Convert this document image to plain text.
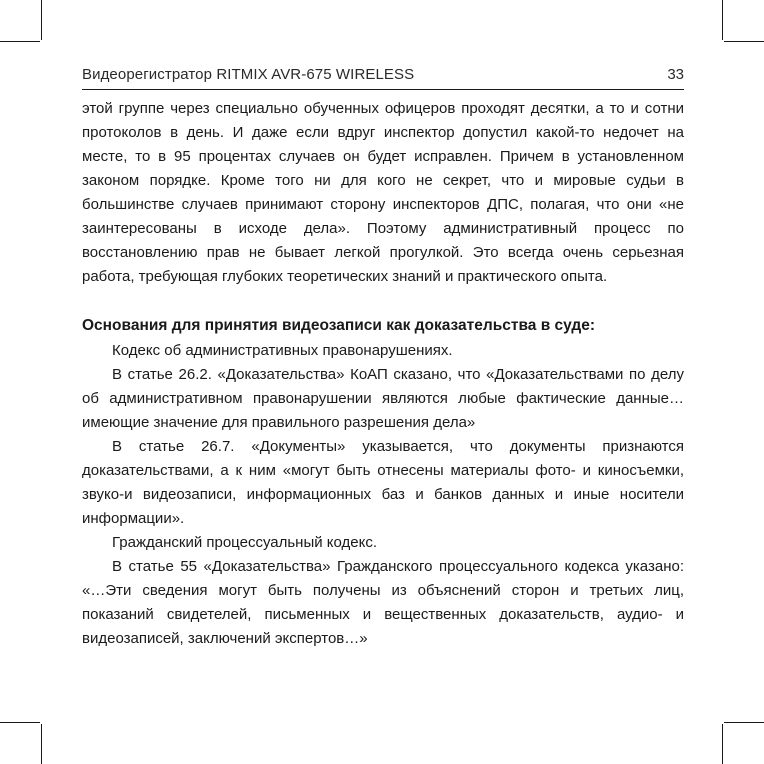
Видеорегистратор RITMIX AVR-675 WIRELESS	33

этой группе через специально обученных офицеров проходят десятки, а то и сотни протоколов в день. И даже если вдруг инспектор допустил какой-то недочет на месте, то в 95 процентах случаев он будет исправлен. Причем в установленном законом порядке. Кроме того ни для кого не секрет, что и мировые судьи в большинстве случаев принимают сторону инспекторов ДПС, полагая, что они «не заинтересованы в исходе дела». Поэтому административный процесс по восстановлению прав не бывает легкой прогулкой. Это всегда очень серьезная работа, требующая глубоких теоретических знаний и практического опыта.

Основания для принятия видеозаписи как доказательства в суде:

Кодекс об административных правонарушениях.

В статье 26.2. «Доказательства» КоАП сказано, что «Доказательствами по делу об административном правонарушении являются любые фактические данные… имеющие значение для правильного разрешения дела»

В статье 26.7. «Документы» указывается, что документы признаются доказательствами, а к ним «могут быть отнесены материалы фото- и киносъемки, звуко-и видеозаписи, информационных баз и банков данных и иные носители информации».

Гражданский процессуальный кодекс.

В статье 55 «Доказательства» Гражданского процессуального кодекса указано: «…Эти сведения могут быть получены из объяснений сторон и третьих лиц, показаний свидетелей, письменных и вещественных доказательств, аудио- и видеозаписей, заключений экспертов…»
